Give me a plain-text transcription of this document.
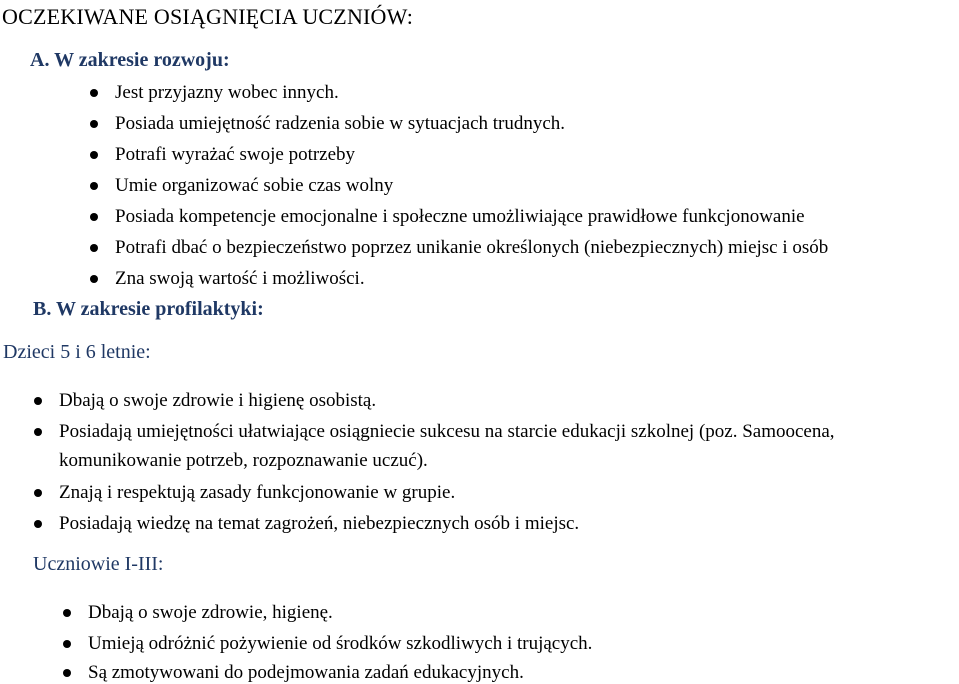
OCZEKIWANE OSIĄGNIĘCIA UCZNIÓW:
A. W zakresie rozwoju:
Jest przyjazny wobec innych.
Posiada umiejętność radzenia sobie w sytuacjach trudnych.
Potrafi wyrażać swoje potrzeby
Umie organizować sobie czas wolny
Posiada kompetencje emocjonalne i społeczne umożliwiające prawidłowe funkcjonowanie
Potrafi dbać o bezpieczeństwo poprzez unikanie określonych (niebezpiecznych) miejsc i osób
Zna swoją wartość i możliwości.
B. W zakresie profilaktyki:
Dzieci 5 i 6 letnie:
Dbają o swoje zdrowie i higienę osobistą.
Posiadają umiejętności ułatwiające osiągniecie sukcesu na starcie edukacji szkolnej (poz. Samoocena,
komunikowanie potrzeb, rozpoznawanie uczuć).
Znają i respektują zasady funkcjonowanie w grupie.
Posiadają wiedzę na temat zagrożeń, niebezpiecznych osób i miejsc.
Uczniowie I-III:
Dbają o swoje zdrowie, higienę.
Umieją odróżnić pożywienie od środków szkodliwych i trujących.
Są zmotywowani do podejmowania zadań edukacyjnych.
